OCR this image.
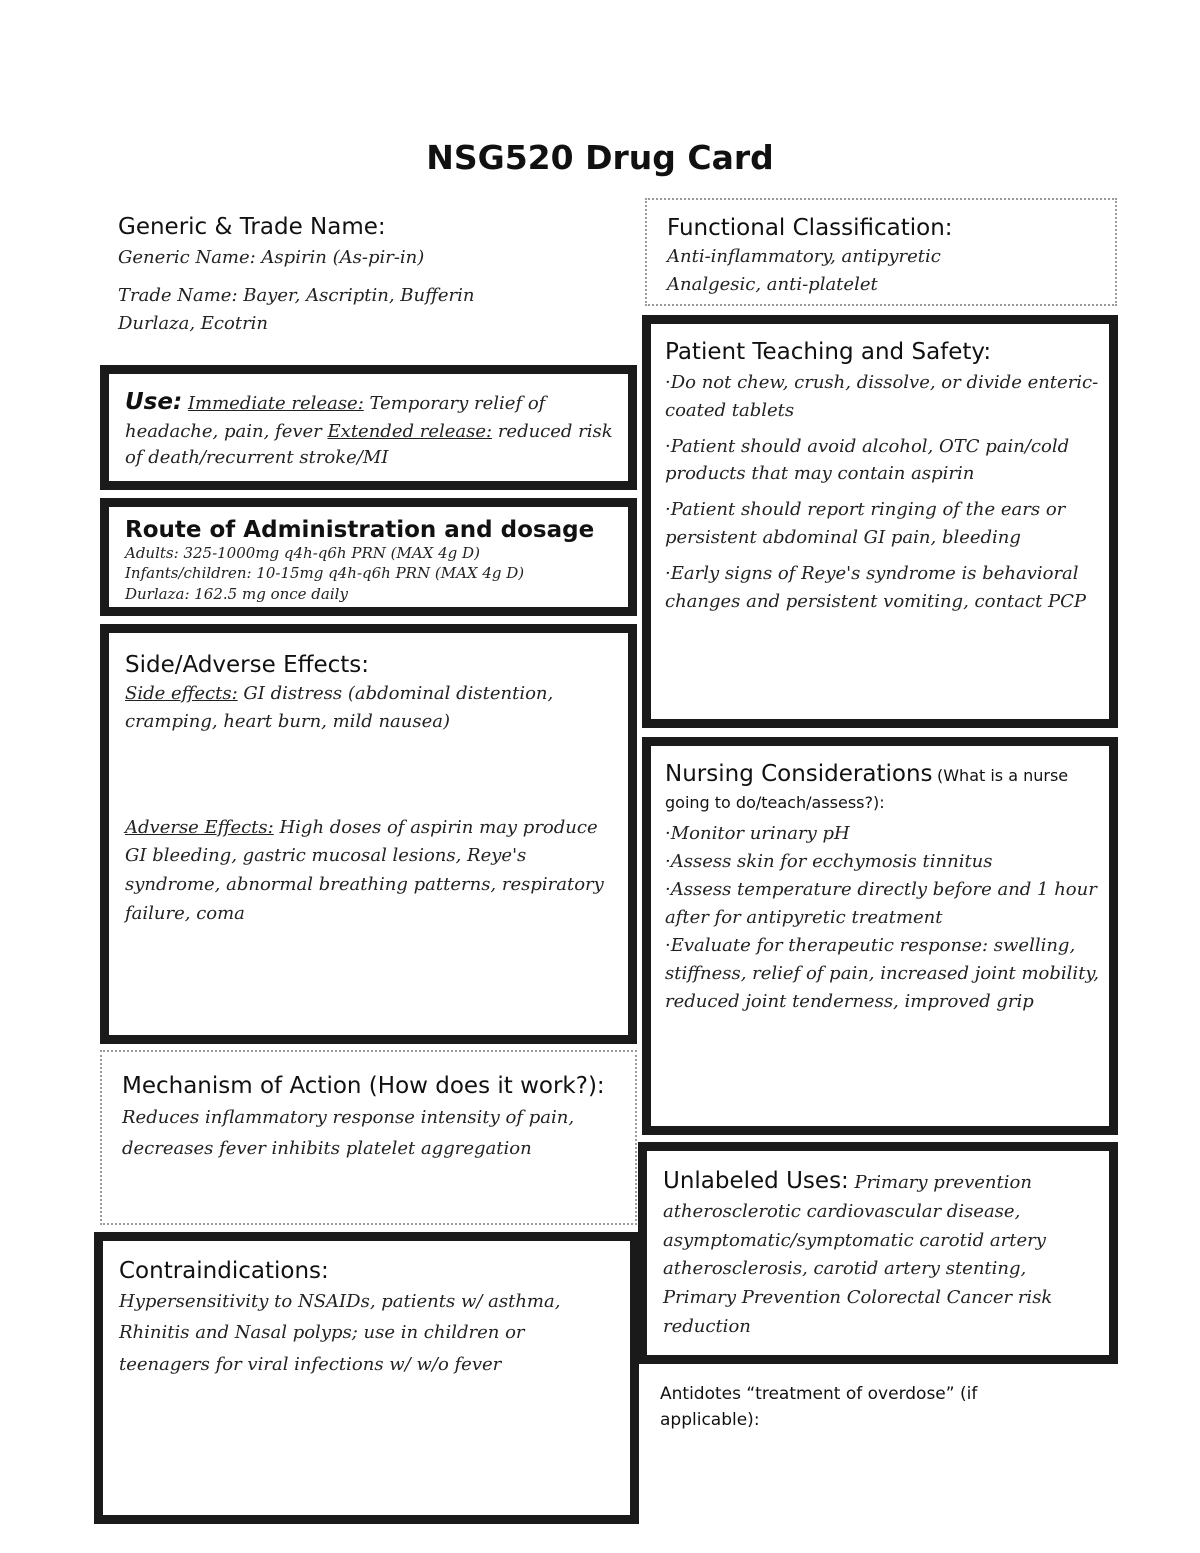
NSG520 Drug Card

Generic & Trade Name:

Generic Name: Aspirin (As-pir-in)

Trade Name: Bayer, Ascriptin, Bufferin

Durlaza, Ecotrin

Functional Classification:

Anti-inflammatory, antipyretic

Analgesic, anti-platelet

Use: Immediate release: Temporary relief of headache, pain, fever Extended release: reduced risk of death/recurrent stroke/MI

Route of Administration and dosage

Adults: 325-1000mg q4h-q6h PRN (MAX 4g D)

Infants/children: 10-15mg q4h-q6h PRN (MAX 4g D)

Durlaza: 162.5 mg once daily

Side/Adverse Effects:

Side effects: GI distress (abdominal distention, cramping, heart burn, mild nausea)

Adverse Effects: High doses of aspirin may produce GI bleeding, gastric mucosal lesions, Reye's syndrome, abnormal breathing patterns, respiratory failure, coma

Mechanism of Action (How does it work?):

Reduces inflammatory response intensity of pain, decreases fever inhibits platelet aggregation

Contraindications:

Hypersensitivity to NSAIDs, patients w/ asthma, Rhinitis and Nasal polyps; use in children or teenagers for viral infections w/ w/o fever

Patient Teaching and Safety:

·Do not chew, crush, dissolve, or divide enteric-coated tablets

·Patient should avoid alcohol, OTC pain/cold products that may contain aspirin

·Patient should report ringing of the ears or persistent abdominal GI pain, bleeding

·Early signs of Reye's syndrome is behavioral changes and persistent vomiting, contact PCP

Nursing Considerations (What is a nurse going to do/teach/assess?):

·Monitor urinary pH

·Assess skin for ecchymosis tinnitus

·Assess temperature directly before and 1 hour after for antipyretic treatment

·Evaluate for therapeutic response: swelling, stiffness, relief of pain, increased joint mobility, reduced joint tenderness, improved grip

Unlabeled Uses: Primary prevention atherosclerotic cardiovascular disease, asymptomatic/symptomatic carotid artery atherosclerosis, carotid artery stenting, Primary Prevention Colorectal Cancer risk reduction

Antidotes “treatment of overdose” (if applicable):
